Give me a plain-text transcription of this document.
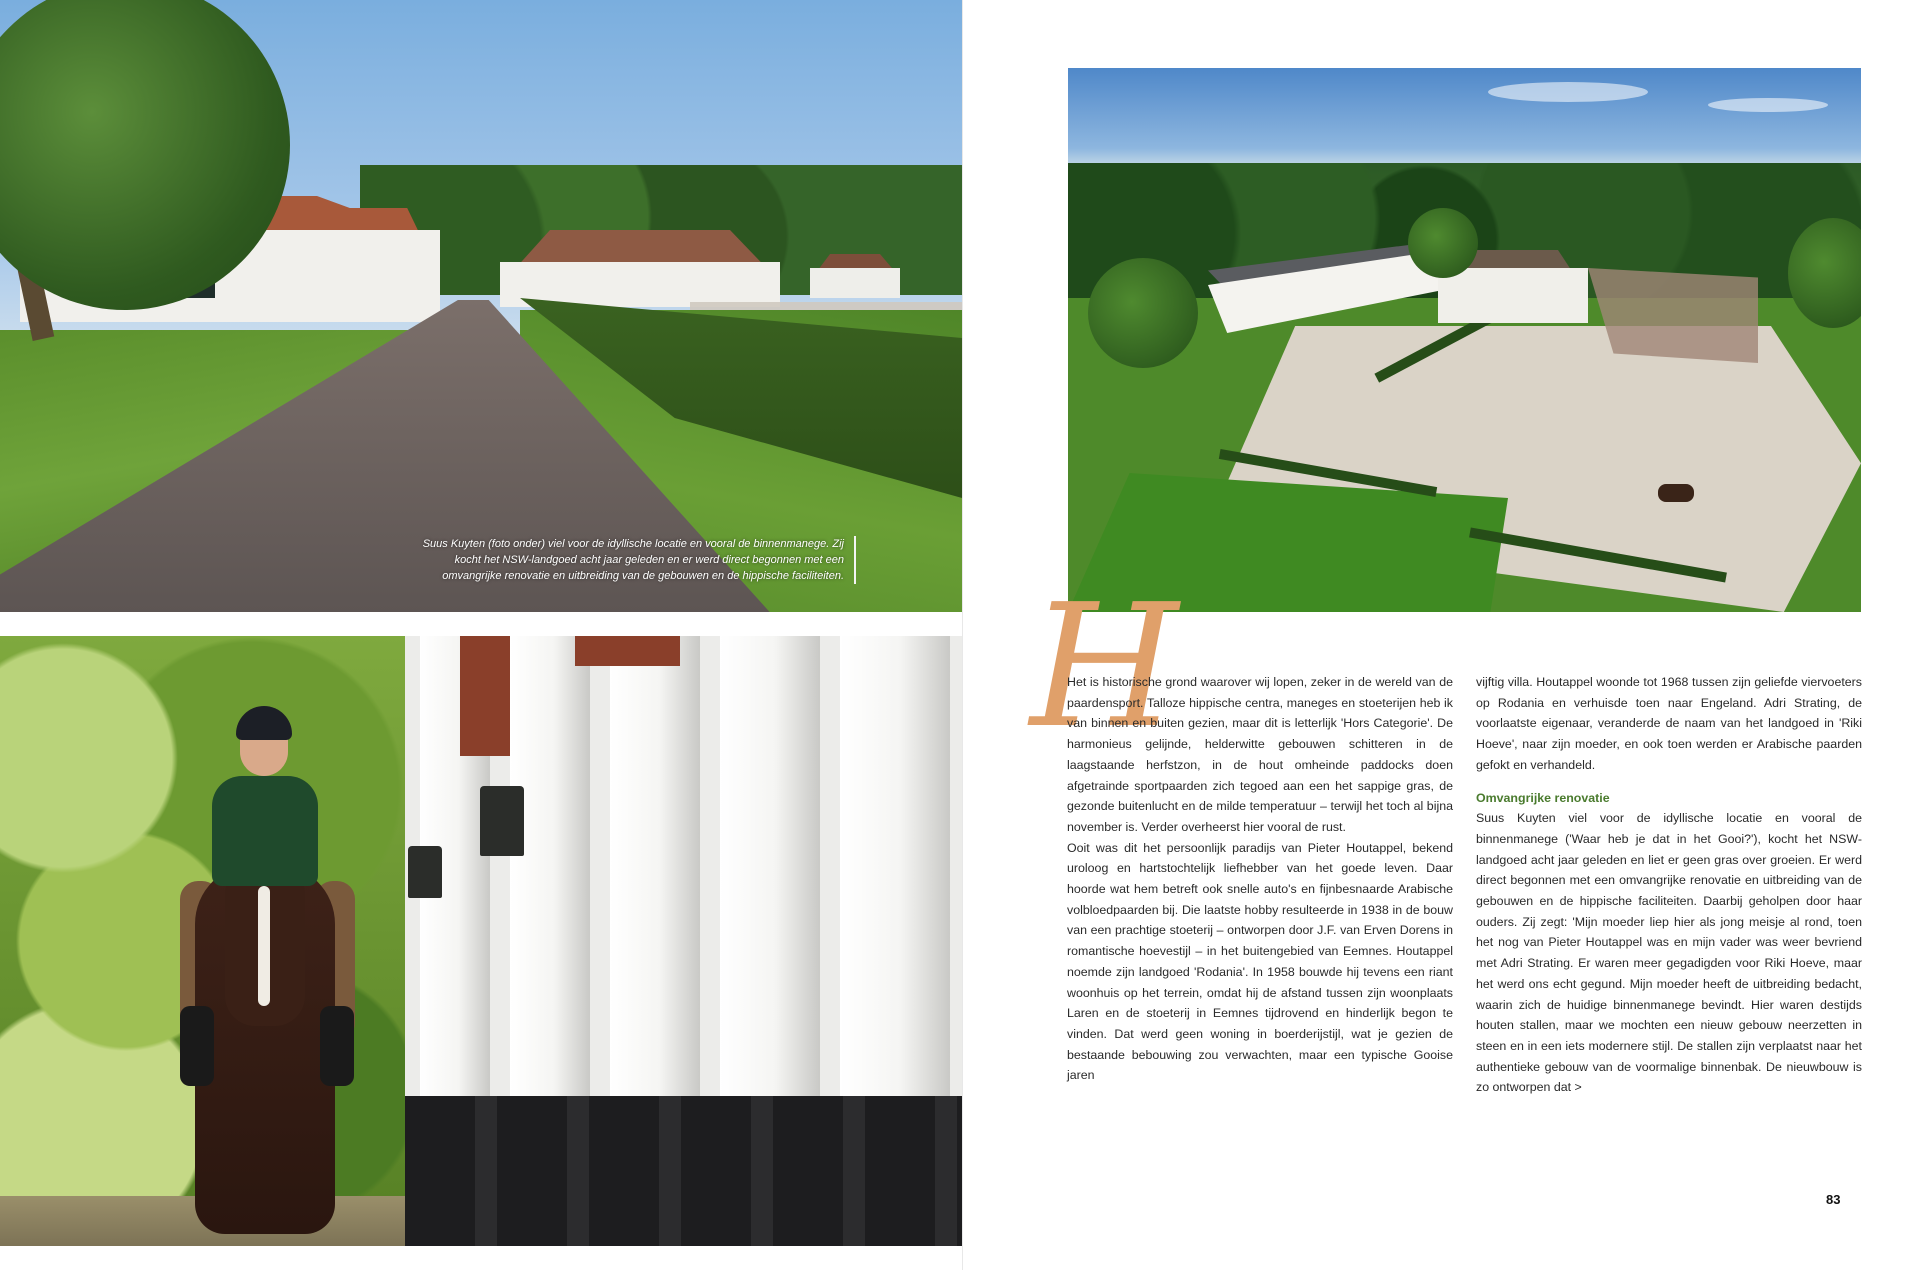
Suus Kuyten (foto onder) viel voor de idyllische locatie en vooral de binnenmanege. Zij kocht het NSW-landgoed acht jaar geleden en er werd direct begonnen met een omvangrijke renovatie en uitbreiding van de gebouwen en de hippische faciliteiten. H

Het is historische grond waarover wij lopen, zeker in de wereld van de paardensport. Talloze hippische centra, maneges en stoeterijen heb ik van binnen en buiten gezien, maar dit is letterlijk 'Hors Categorie'. De harmonieus gelijnde, helderwitte gebouwen schitteren in de laagstaande herfstzon, in de hout omheinde paddocks doen afgetrainde sportpaarden zich tegoed aan een het sappige gras, de gezonde buitenlucht en de milde temperatuur – terwijl het toch al bijna november is. Verder overheerst hier vooral de rust.

Ooit was dit het persoonlijk paradijs van Pieter Houtappel, bekend uroloog en hartstochtelijk liefhebber van het goede leven. Daar hoorde wat hem betreft ook snelle auto's en fijnbesnaarde Arabische volbloedpaarden bij. Die laatste hobby resulteerde in 1938 in de bouw van een prachtige stoeterij – ontworpen door J.F. van Erven Dorens in romantische hoevestijl – in het buitengebied van Eemnes. Houtappel noemde zijn landgoed 'Rodania'. In 1958 bouwde hij tevens een riant woonhuis op het terrein, omdat hij de afstand tussen zijn woonplaats Laren en de stoeterij in Eemnes tijdrovend en hinderlijk begon te vinden. Dat werd geen woning in boerderijstijl, wat je gezien de bestaande bebouwing zou verwachten, maar een typische Gooise jaren

vijftig villa. Houtappel woonde tot 1968 tussen zijn geliefde viervoeters op Rodania en verhuisde toen naar Engeland. Adri Strating, de voorlaatste eigenaar, veranderde de naam van het landgoed in 'Riki Hoeve', naar zijn moeder, en ook toen werden er Arabische paarden gefokt en verhandeld.

Omvangrijke renovatie

Suus Kuyten viel voor de idyllische locatie en vooral de binnenmanege ('Waar heb je dat in het Gooi?'), kocht het NSW-landgoed acht jaar geleden en liet er geen gras over groeien. Er werd direct begonnen met een omvangrijke renovatie en uitbreiding van de gebouwen en de hippische faciliteiten. Daarbij geholpen door haar ouders. Zij zegt: 'Mijn moeder liep hier als jong meisje al rond, toen het nog van Pieter Houtappel was en mijn vader was weer bevriend met Adri Strating. Er waren meer gegadigden voor Riki Hoeve, maar het werd ons echt gegund. Mijn moeder heeft de uitbreiding bedacht, waarin zich de huidige binnenmanege bevindt. Hier waren destijds houten stallen, maar we mochten een nieuw gebouw neerzetten in steen en in een iets modernere stijl. De stallen zijn verplaatst naar het authentieke gebouw van de voormalige binnenbak. De nieuwbouw is zo ontworpen dat >

83
